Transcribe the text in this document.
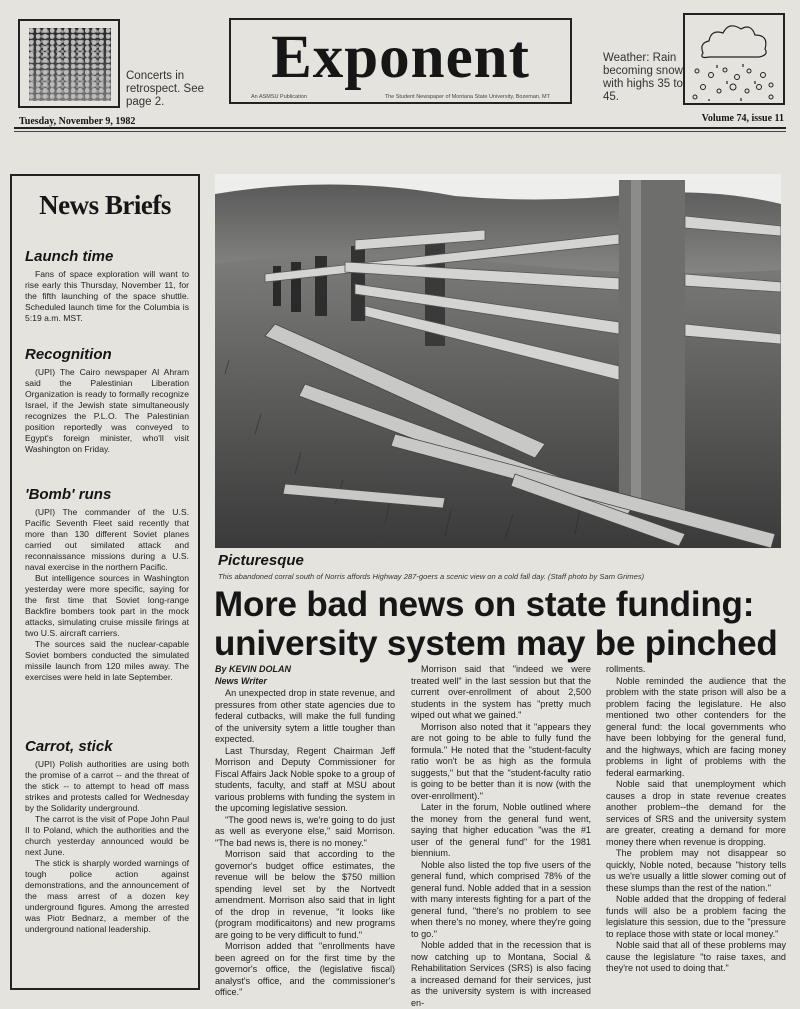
Concerts in retrospect. See page 2.
Exponent
An ASMSU Publication	The Student Newspaper of Montana State University, Bozeman, MT
Weather: Rain becoming snow with highs 35 to 45.
Tuesday, November 9, 1982	Volume 74, issue 11
News Briefs
Launch time

Fans of space exploration will want to rise early this Thursday, November 11, for the fifth launching of the space shuttle. Scheduled launch time for the Columbia is 5:19 a.m. MST.

Recognition

(UPI) The Cairo newspaper Al Ahram said the Palestinian Liberation Organization is ready to formally recognize Israel, if the Jewish state simultaneously recognizes the P.L.O. The Palestinian position reportedly was conveyed to Egypt's foreign minister, who'll visit Washington on Friday.

'Bomb' runs

(UPI) The commander of the U.S. Pacific Seventh Fleet said recently that more than 130 different Soviet planes carried out similated attack and reconnaissance missions during a U.S. naval exercise in the northern Pacific.

But intelligence sources in Washington yesterday were more specific, saying for the first time that Soviet long-range Backfire bombers took part in the mock attacks, simulating cruise missile firings at two U.S. aircraft carriers.

The sources said the nuclear-capable Soviet bombers conducted the simulated missile launch from 120 miles away. The exercises were held in late September.

Carrot, stick

(UPI) Polish authorities are using both the promise of a carrot -- and the threat of the stick -- to attempt to head off mass strikes and protests called for Wednesday by the Solidarity underground.

The carrot is the visit of Pope John Paul II to Poland, which the authorities and the church yesterday announced would be next June.

The stick is sharply worded warnings of tough police action against demonstrations, and the announcement of the mass arrest of a dozen key underground figures. Among the arrested was Piotr Bednarz, a member of the underground national leadership.

Picturesque
This abandoned corral south of Norris affords Highway 287-goers a scenic view on a cold fall day. (Staff photo by Sam Grimes)
More bad news on state funding: university system may be pinched
By KEVIN DOLAN
News Writer

An unexpected drop in state revenue, and pressures from other state agencies due to federal cutbacks, will make the full funding of the university sytem a little tougher than expected.

Last Thursday, Regent Chairman Jeff Morrison and Deputy Commissioner for Fiscal Affairs Jack Noble spoke to a group of students, faculty, and staff at MSU about various problems with funding the system in the upcoming legislative session.

"The good news is, we're going to do just as well as everyone else," said Morrison. "The bad news is, there is no money."

Morrison said that according to the governor's budget office estimates, the revenue will be below the $750 million spending level set by the Nortvedt amendment. Morrison also said that in light of the drop in revenue, "it looks like (program modificaitons) and new programs are going to be very difficult to fund."

Morrison added that "enrollments have been agreed on for the first time by the governor's office, the (legislative fiscal) analyst's office, and the commissioner's office."

Morrison said that "indeed we were treated well" in the last session but that the current over-enrollment of about 2,500 students in the system has "pretty much wiped out what we gained."

Morrison also noted that it "appears they are not going to be able to fully fund the formula." He noted that the "student-faculty ratio won't be as high as the formula suggests," but that the "student-faculty ratio is going to be better than it is now (with the over-enrollment)."

Later in the forum, Noble outlined where the money from the general fund went, saying that higher education "was the #1 user of the general fund" for the 1981 biennium.

Noble also listed the top five users of the general fund, which comprised 78% of the general fund. Noble added that in a session with many interests fighting for a part of the general fund, "there's no problem to see when there's no money, where they're going to go."

Noble added that in the recession that is now catching up to Montana, Social & Rehabilitation Services (SRS) is also facing a increased demand for their services, just as the university system is with increased en-

rollments.

Noble reminded the audience that the problem with the state prison will also be a problem facing the legislature. He also mentioned two other contenders for the general fund: the local governments who have been lobbying for the general fund, and the highways, which are facing money problems in light of problems with the federal earmarking.

Noble said that unemployment which causes a drop in state revenue creates another problem--the demand for the services of SRS and the university system are greater, creating a demand for more money there when revenue is dropping.

The problem may not disappear so quickly, Noble noted, because "history tells us we're usually a little slower coming out of these slumps than the rest of the nation."

Noble added that the dropping of federal funds will also be a problem facing the legislature this session, due to the "pressure to replace those with state or local money."

Noble said that all of these problems may cause the legislature "to raise taxes, and they're not used to doing that."
